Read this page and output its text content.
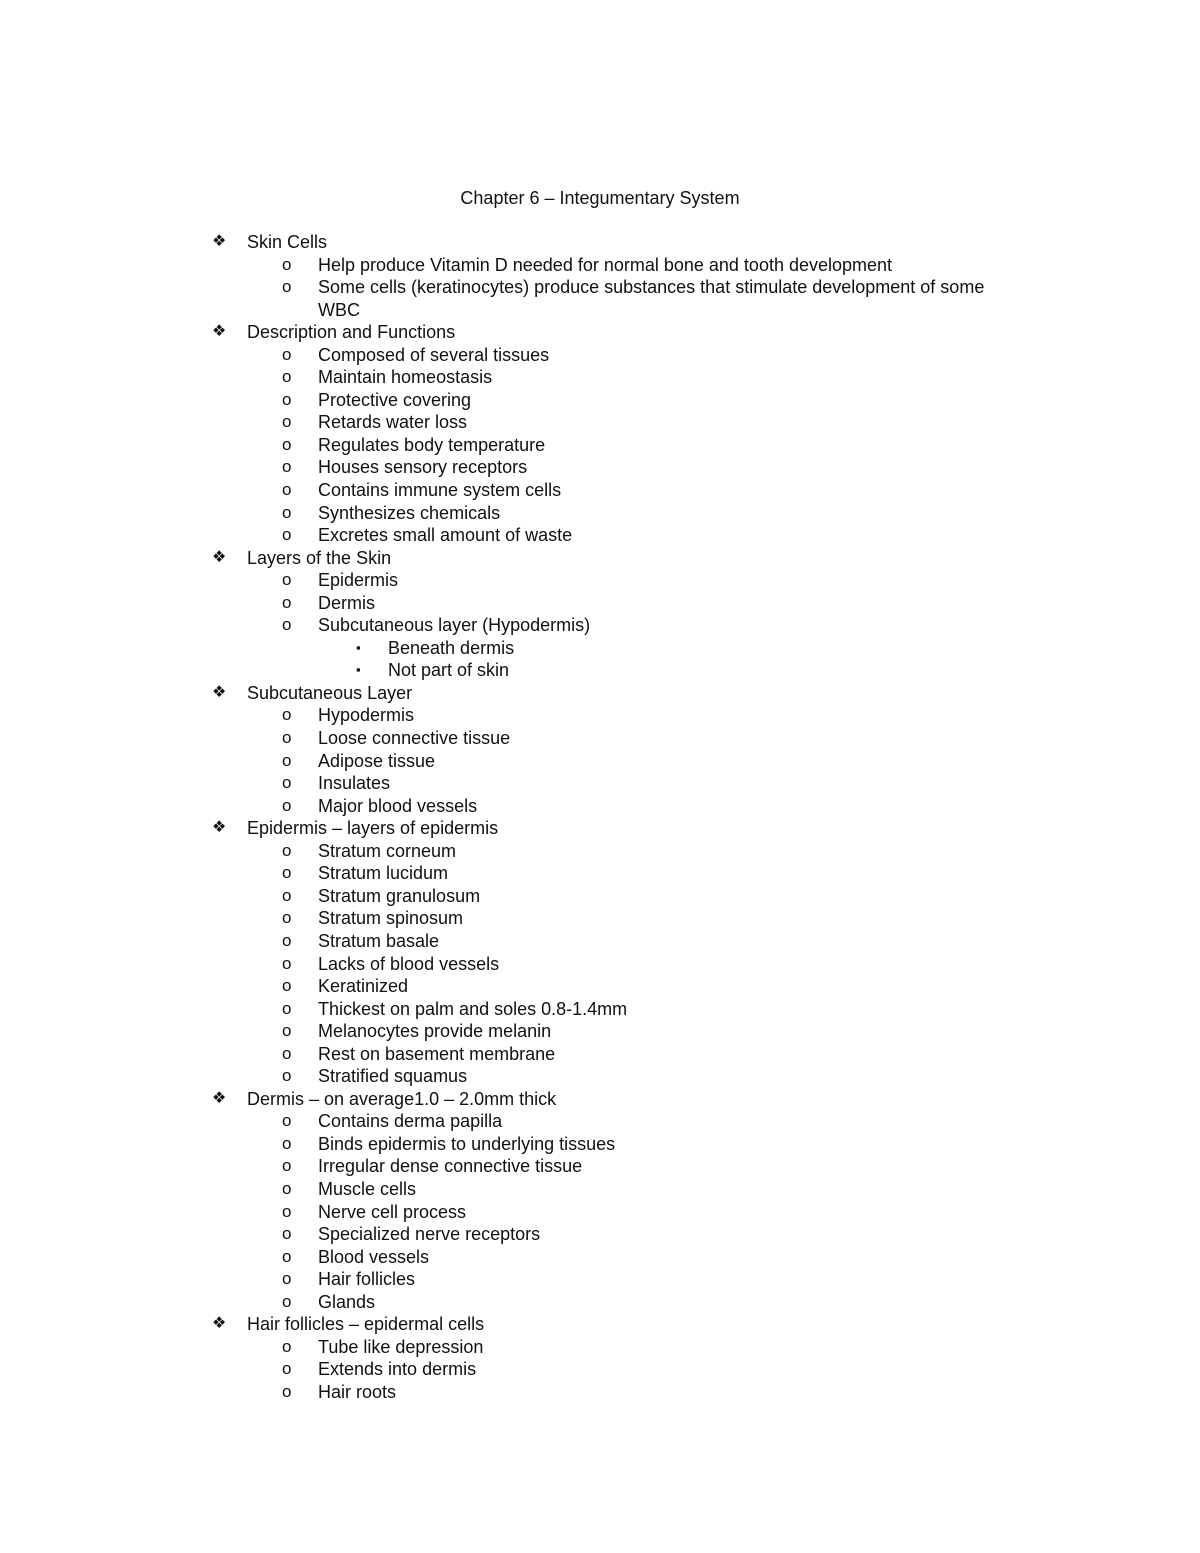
Chapter 6 – Integumentary System
❖ Skin Cells
o Help produce Vitamin D needed for normal bone and tooth development
o Some cells (keratinocytes) produce substances that stimulate development of some WBC
❖ Description and Functions
o Composed of several tissues
o Maintain homeostasis
o Protective covering
o Retards water loss
o Regulates body temperature
o Houses sensory receptors
o Contains immune system cells
o Synthesizes chemicals
o Excretes small amount of waste
❖ Layers of the Skin
o Epidermis
o Dermis
o Subcutaneous layer (Hypodermis)
▪ Beneath dermis
▪ Not part of skin
❖ Subcutaneous Layer
o Hypodermis
o Loose connective tissue
o Adipose tissue
o Insulates
o Major blood vessels
❖ Epidermis – layers of epidermis
o Stratum corneum
o Stratum lucidum
o Stratum granulosum
o Stratum spinosum
o Stratum basale
o Lacks of blood vessels
o Keratinized
o Thickest on palm and soles 0.8-1.4mm
o Melanocytes provide melanin
o Rest on basement membrane
o Stratified squamus
❖ Dermis – on average1.0 – 2.0mm thick
o Contains derma papilla
o Binds epidermis to underlying tissues
o Irregular dense connective tissue
o Muscle cells
o Nerve cell process
o Specialized nerve receptors
o Blood vessels
o Hair follicles
o Glands
❖ Hair follicles – epidermal cells
o Tube like depression
o Extends into dermis
o Hair roots
